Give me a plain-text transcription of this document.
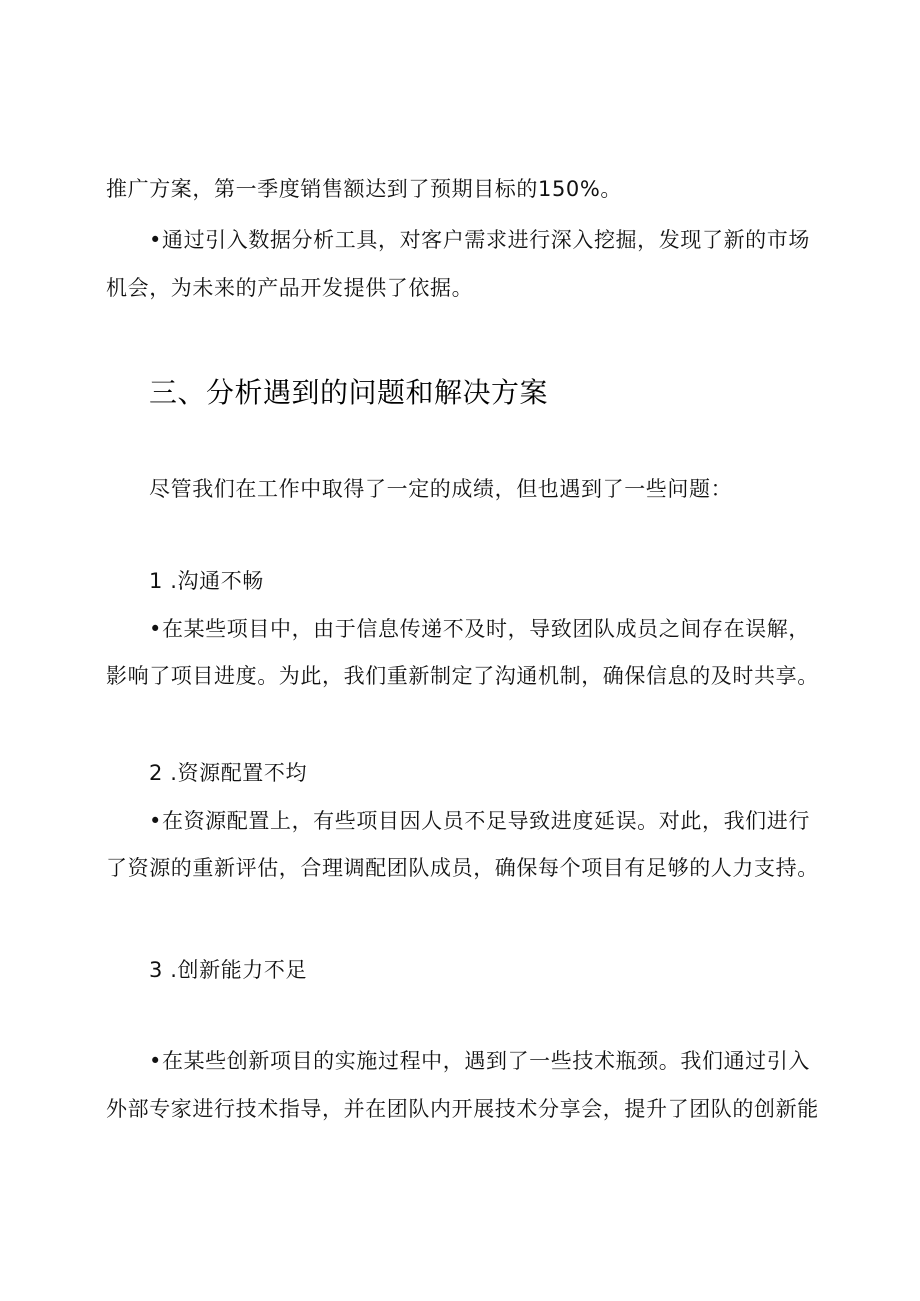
推广方案，第一季度销售额达到了预期目标的150%。
•通过引入数据分析工具，对客户需求进行深入挖掘，发现了新的市场
机会，为未来的产品开发提供了依据。
三、分析遇到的问题和解决方案
尽管我们在工作中取得了一定的成绩，但也遇到了一些问题：
1 .沟通不畅
•在某些项目中，由于信息传递不及时，导致团队成员之间存在误解，
影响了项目进度。为此，我们重新制定了沟通机制，确保信息的及时共享。
2 .资源配置不均
•在资源配置上，有些项目因人员不足导致进度延误。对此，我们进行
了资源的重新评估，合理调配团队成员，确保每个项目有足够的人力支持。
3 .创新能力不足
•在某些创新项目的实施过程中，遇到了一些技术瓶颈。我们通过引入
外部专家进行技术指导，并在团队内开展技术分享会，提升了团队的创新能
